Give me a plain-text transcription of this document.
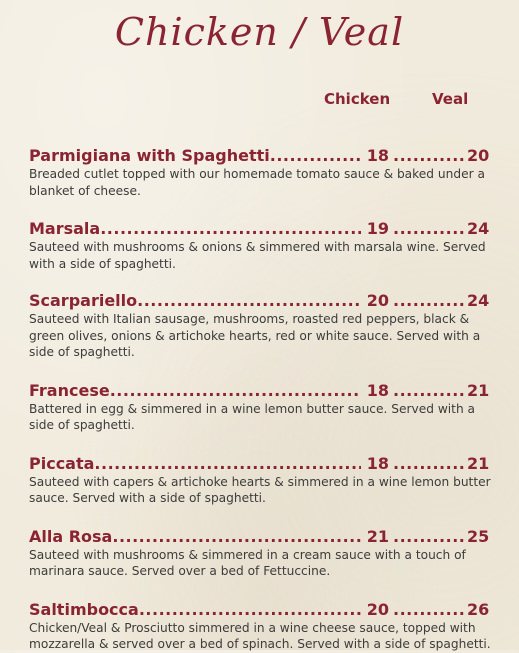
Chicken / Veal
Chicken	Veal
Parmigiana with Spaghetti .....	18 .....	20
Breaded cutlet topped with our homemade tomato sauce & baked under a blanket of cheese.
Marsala .....	19 .....	24
Sauteed with mushrooms & onions & simmered with marsala wine. Served with a side of spaghetti.
Scarpariello .....	20 .....	24
Sauteed with Italian sausage, mushrooms, roasted red peppers, black & green olives, onions & artichoke hearts, red or white sauce. Served with a side of spaghetti.
Francese .....	18 .....	21
Battered in egg & simmered in a wine lemon butter sauce. Served with a side of spaghetti.
Piccata .....	18 .....	21
Sauteed with capers & artichoke hearts & simmered in a wine lemon butter sauce. Served with a side of spaghetti.
Alla Rosa .....	21 .....	25
Sauteed with mushrooms & simmered in a cream sauce with a touch of marinara sauce. Served over a bed of Fettuccine.
Saltimbocca .....	20 .....	26
Chicken/Veal & Prosciutto simmered in a wine cheese sauce, topped with mozzarella & served over a bed of spinach. Served with a side of spaghetti.
